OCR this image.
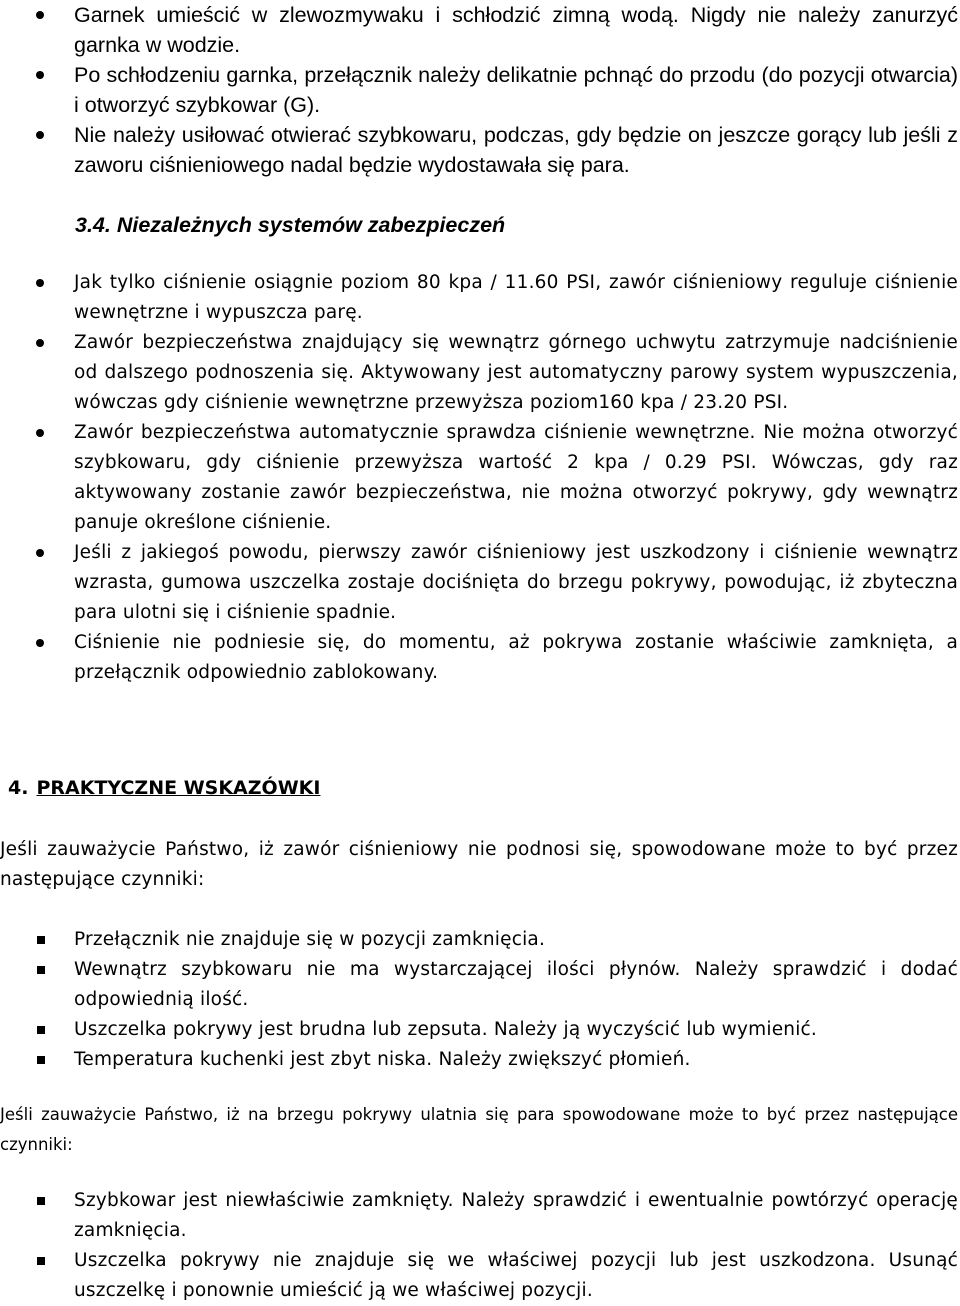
Garnek umieścić w zlewozmywaku i schłodzić zimną wodą. Nigdy nie należy zanurzyć garnka w wodzie.
Po schłodzeniu garnka, przełącznik należy delikatnie pchnąć do przodu (do pozycji otwarcia) i otworzyć szybkowar (G).
Nie należy usiłować otwierać szybkowaru, podczas, gdy będzie on jeszcze gorący lub jeśli z zaworu ciśnieniowego nadal będzie wydostawała się para.
3.4. Niezależnych systemów zabezpieczeń
Jak tylko ciśnienie osiągnie poziom 80 kpa / 11.60 PSI, zawór ciśnieniowy reguluje ciśnienie wewnętrzne i wypuszcza parę.
Zawór bezpieczeństwa znajdujący się wewnątrz górnego uchwytu zatrzymuje nadciśnienie od dalszego podnoszenia się. Aktywowany jest automatyczny parowy system wypuszczenia, wówczas gdy ciśnienie wewnętrzne przewyższa poziom160 kpa / 23.20 PSI.
Zawór bezpieczeństwa automatycznie sprawdza ciśnienie wewnętrzne. Nie można otworzyć szybkowaru, gdy ciśnienie przewyższa wartość 2 kpa / 0.29 PSI. Wówczas, gdy raz aktywowany zostanie zawór bezpieczeństwa, nie można otworzyć pokrywy, gdy wewnątrz panuje określone ciśnienie.
Jeśli z jakiegoś powodu, pierwszy zawór ciśnieniowy jest uszkodzony i ciśnienie wewnątrz wzrasta, gumowa uszczelka zostaje dociśnięta do brzegu pokrywy, powodując, iż zbyteczna para ulotni się i ciśnienie spadnie.
Ciśnienie nie podniesie się, do momentu, aż pokrywa zostanie właściwie zamknięta, a przełącznik odpowiednio zablokowany.
4. PRAKTYCZNE WSKAZÓWKI

Jeśli zauważycie Państwo, iż zawór ciśnieniowy nie podnosi się, spowodowane może to być przez następujące czynniki:

Przełącznik nie znajduje się w pozycji zamknięcia.
Wewnątrz szybkowaru nie ma wystarczającej ilości płynów. Należy sprawdzić i dodać odpowiednią ilość.
Uszczelka pokrywy jest brudna lub zepsuta. Należy ją wyczyścić lub wymienić.
Temperatura kuchenki jest zbyt niska. Należy zwiększyć płomień.

Jeśli zauważycie Państwo, iż na brzegu pokrywy ulatnia się para spowodowane może to być przez następujące czynniki:

Szybkowar jest niewłaściwie zamknięty. Należy sprawdzić i ewentualnie powtórzyć operację zamknięcia.
Uszczelka pokrywy nie znajduje się we właściwej pozycji lub jest uszkodzona. Usunąć uszczelkę i ponownie umieścić ją we właściwej pozycji.
